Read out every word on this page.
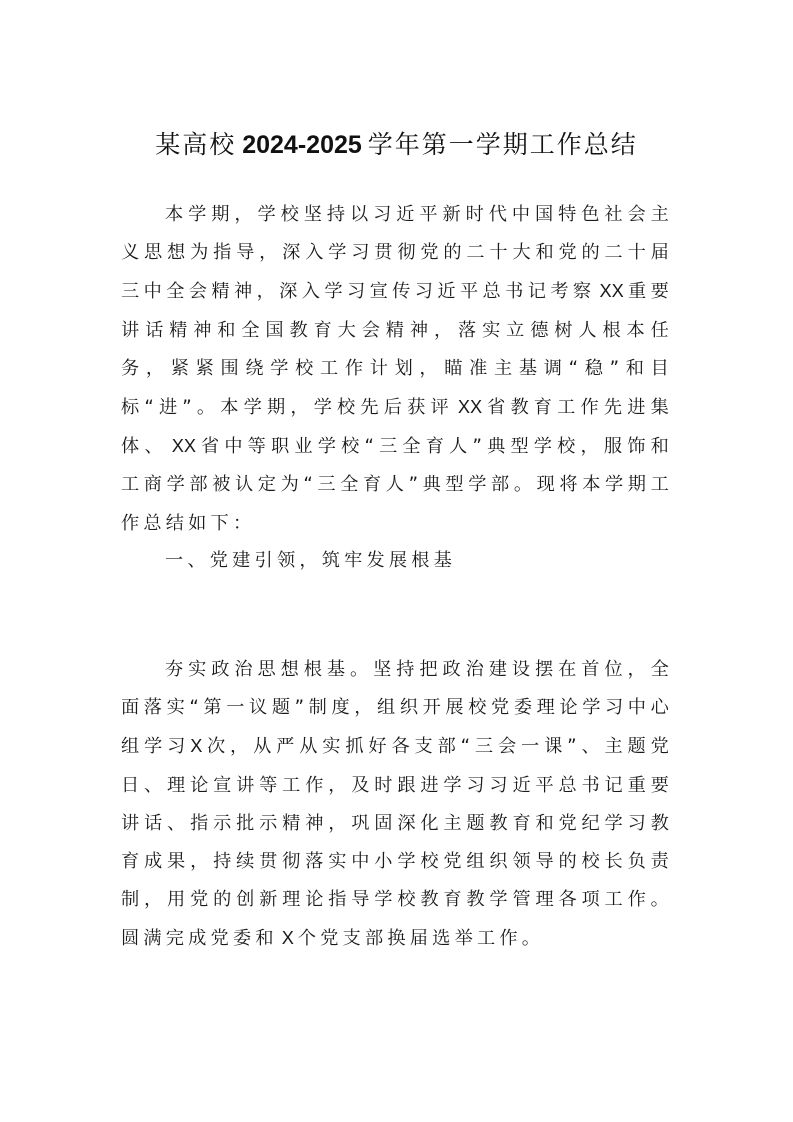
某高校 2024-2025 学年第一学期工作总结

本学期，学校坚持以习近平新时代中国特色社会主义思想为指导，深入学习贯彻党的二十大和党的二十届三中全会精神，深入学习宣传习近平总书记考察 XX 重要讲话精神和全国教育大会精神，落实立德树人根本任务，紧紧围绕学校工作计划，瞄准主基调“稳”和目标“进”。本学期，学校先后获评 XX 省教育工作先进集体、 XX 省中等职业学校“三全育人”典型学校，服饰和工商学部被认定为“三全育人”典型学部。现将本学期工作总结如下：

一、党建引领，筑牢发展根基

夯实政治思想根基。坚持把政治建设摆在首位，全面落实“第一议题”制度，组织开展校党委理论学习中心组学习X 次，从严从实抓好各支部“三会一课”、主题党日、理论宣讲等工作，及时跟进学习习近平总书记重要讲话、指示批示精神，巩固深化主题教育和党纪学习教育成果，持续贯彻落实中小学校党组织领导的校长负责制，用党的创新理论指导学校教育教学管理各项工作。圆满完成党委和 X 个党支部换届选举工作。
